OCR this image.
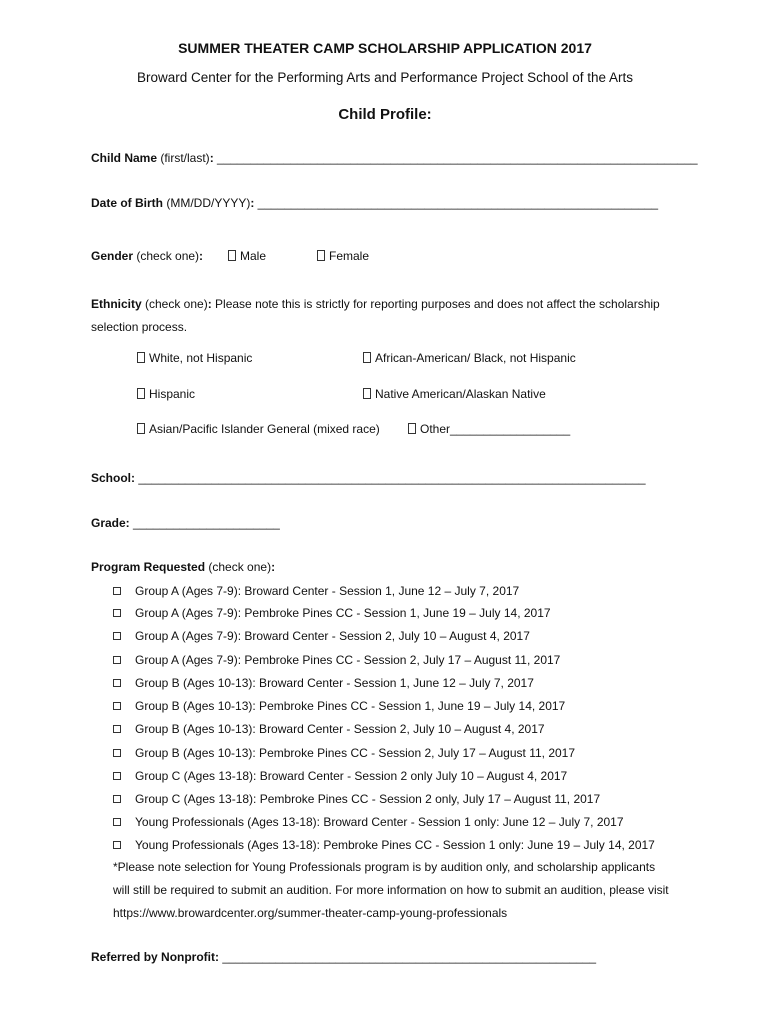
SUMMER THEATER CAMP SCHOLARSHIP APPLICATION 2017
Broward Center for the Performing Arts and Performance Project School of the Arts
Child Profile:
Child Name (first/last): ________________________________________________________________________
Date of Birth (MM/DD/YYYY): ____________________________________________________________
Gender (check one):	Male	Female
Ethnicity (check one): Please note this is strictly for reporting purposes and does not affect the scholarship
selection process.
White, not Hispanic	African-American/ Black, not Hispanic
Hispanic	Native American/Alaskan Native
Asian/Pacific Islander General (mixed race)	Other__________________
School: ____________________________________________________________________________
Grade: ______________________
Program Requested (check one):
Group A (Ages 7-9): Broward Center - Session 1, June 12 – July 7, 2017
Group A (Ages 7-9): Pembroke Pines CC - Session 1, June 19 – July 14, 2017
Group A (Ages 7-9): Broward Center - Session 2, July 10 – August 4, 2017
Group A (Ages 7-9): Pembroke Pines CC - Session 2, July 17 – August 11, 2017
Group B (Ages 10-13): Broward Center - Session 1, June 12 – July 7, 2017
Group B (Ages 10-13): Pembroke Pines CC - Session 1, June 19 – July 14, 2017
Group B (Ages 10-13): Broward Center - Session 2, July 10 – August 4, 2017
Group B (Ages 10-13): Pembroke Pines CC - Session 2, July 17 – August 11, 2017
Group C (Ages 13-18): Broward Center - Session 2 only July 10 – August 4, 2017
Group C (Ages 13-18): Pembroke Pines CC - Session 2 only, July 17 – August 11, 2017
Young Professionals (Ages 13-18): Broward Center - Session 1 only: June 12 – July 7, 2017
Young Professionals (Ages 13-18): Pembroke Pines CC - Session 1 only: June 19 – July 14, 2017
*Please note selection for Young Professionals program is by audition only, and scholarship applicants
will still be required to submit an audition. For more information on how to submit an audition, please visit
https://www.browardcenter.org/summer-theater-camp-young-professionals
Referred by Nonprofit: ________________________________________________________
